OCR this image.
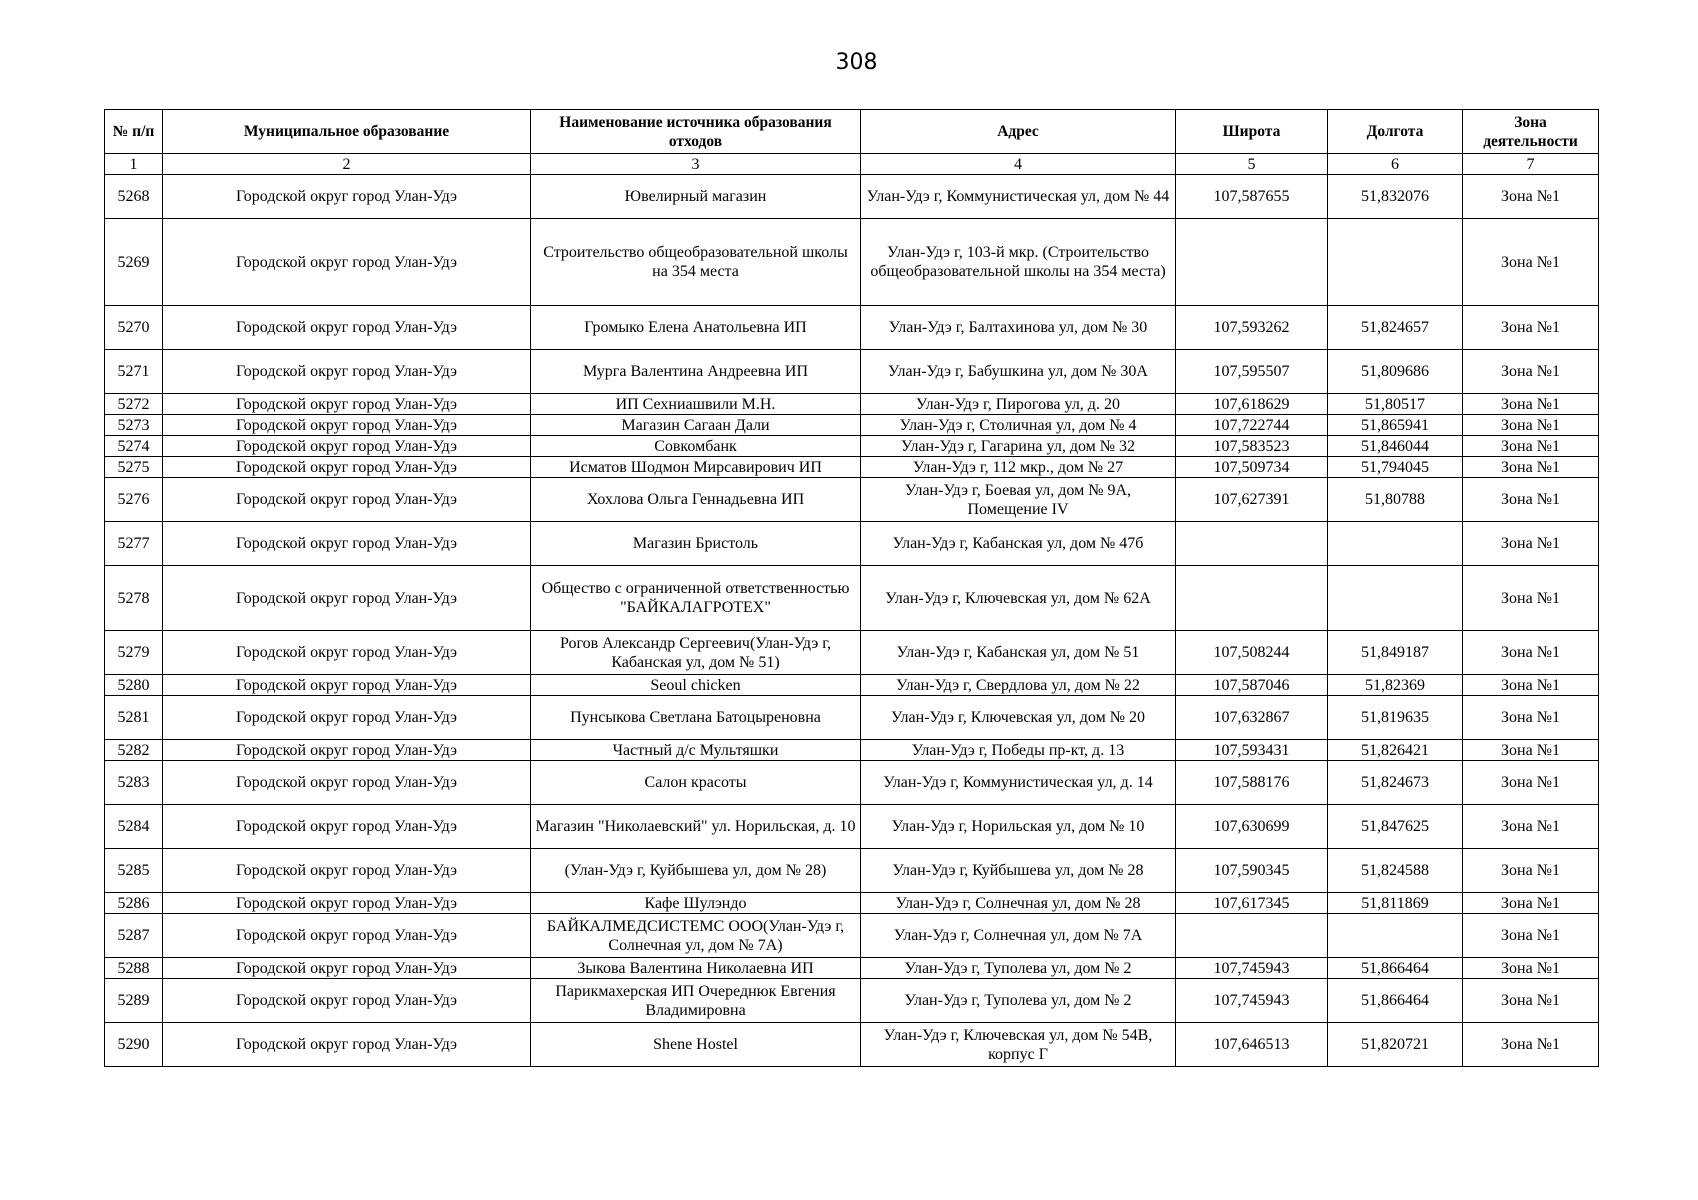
308
№ п/п	Муниципальное образование	Наименование источника образования отходов	Адрес	Широта	Долгота	Зона деятельности
1	2	3	4	5	6	7
5268	Городской округ город Улан-Удэ	Ювелирный магазин	Улан-Удэ г, Коммунистическая ул, дом № 44	107,587655	51,832076	Зона №1
5269	Городской округ город Улан-Удэ	Строительство общеобразовательной школы на 354 места	Улан-Удэ г, 103-й мкр. (Строительство общеобразовательной школы на 354 места)			Зона №1
5270	Городской округ город Улан-Удэ	Громыко Елена Анатольевна ИП	Улан-Удэ г, Балтахинова ул, дом № 30	107,593262	51,824657	Зона №1
5271	Городской округ город Улан-Удэ	Мурга Валентина Андреевна ИП	Улан-Удэ г, Бабушкина ул, дом № 30А	107,595507	51,809686	Зона №1
5272	Городской округ город Улан-Удэ	ИП Сехниашвили М.Н.	Улан-Удэ г, Пирогова ул, д. 20	107,618629	51,80517	Зона №1
5273	Городской округ город Улан-Удэ	Магазин Сагаан Дали	Улан-Удэ г, Столичная ул, дом № 4	107,722744	51,865941	Зона №1
5274	Городской округ город Улан-Удэ	Совкомбанк	Улан-Удэ г, Гагарина ул, дом № 32	107,583523	51,846044	Зона №1
5275	Городской округ город Улан-Удэ	Исматов Шодмон Мирсавирович ИП	Улан-Удэ г, 112 мкр., дом № 27	107,509734	51,794045	Зона №1
5276	Городской округ город Улан-Удэ	Хохлова Ольга Геннадьевна ИП	Улан-Удэ г, Боевая ул, дом № 9А, Помещение IV	107,627391	51,80788	Зона №1
5277	Городской округ город Улан-Удэ	Магазин Бристоль	Улан-Удэ г, Кабанская ул, дом № 47б			Зона №1
5278	Городской округ город Улан-Удэ	Общество с ограниченной ответственностью "БАЙКАЛАГРОТЕХ"	Улан-Удэ г, Ключевская ул, дом № 62А			Зона №1
5279	Городской округ город Улан-Удэ	Рогов Александр Сергеевич(Улан-Удэ г, Кабанская ул, дом № 51)	Улан-Удэ г, Кабанская ул, дом № 51	107,508244	51,849187	Зона №1
5280	Городской округ город Улан-Удэ	Seoul chicken	Улан-Удэ г, Свердлова ул, дом № 22	107,587046	51,82369	Зона №1
5281	Городской округ город Улан-Удэ	Пунсыкова Светлана Батоцыреновна	Улан-Удэ г, Ключевская ул, дом № 20	107,632867	51,819635	Зона №1
5282	Городской округ город Улан-Удэ	Частный д/с Мультяшки	Улан-Удэ г, Победы пр-кт, д. 13	107,593431	51,826421	Зона №1
5283	Городской округ город Улан-Удэ	Салон красоты	Улан-Удэ г, Коммунистическая ул, д. 14	107,588176	51,824673	Зона №1
5284	Городской округ город Улан-Удэ	Магазин "Николаевский" ул. Норильская, д. 10	Улан-Удэ г, Норильская ул, дом № 10	107,630699	51,847625	Зона №1
5285	Городской округ город Улан-Удэ	(Улан-Удэ г, Куйбышева ул, дом № 28)	Улан-Удэ г, Куйбышева ул, дом № 28	107,590345	51,824588	Зона №1
5286	Городской округ город Улан-Удэ	Кафе Шулэндо	Улан-Удэ г, Солнечная ул, дом № 28	107,617345	51,811869	Зона №1
5287	Городской округ город Улан-Удэ	БАЙКАЛМЕДСИСТЕМС ООО(Улан-Удэ г, Солнечная ул, дом № 7А)	Улан-Удэ г, Солнечная ул, дом № 7А			Зона №1
5288	Городской округ город Улан-Удэ	Зыкова Валентина Николаевна ИП	Улан-Удэ г, Туполева ул, дом № 2	107,745943	51,866464	Зона №1
5289	Городской округ город Улан-Удэ	Парикмахерская ИП Очереднюк Евгения Владимировна	Улан-Удэ г, Туполева ул, дом № 2	107,745943	51,866464	Зона №1
5290	Городской округ город Улан-Удэ	Shene Hostel	Улан-Удэ г, Ключевская ул, дом № 54В, корпус Г	107,646513	51,820721	Зона №1
